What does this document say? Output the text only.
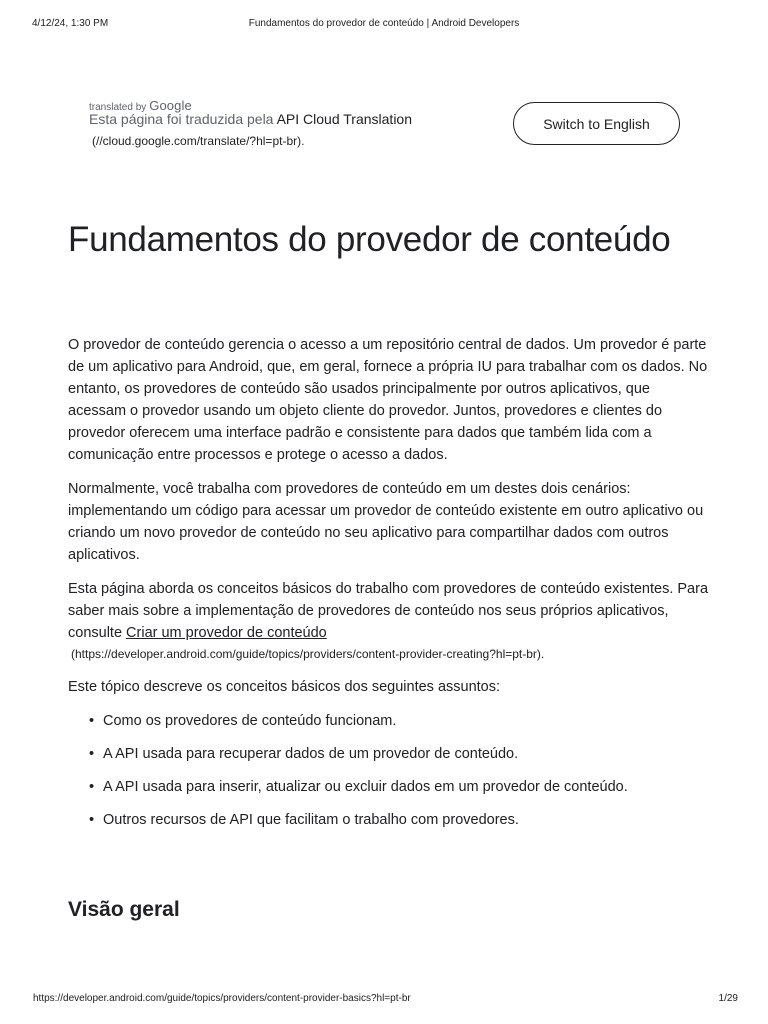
4/12/24, 1:30 PM	Fundamentos do provedor de conteúdo | Android Developers
translated by Google
Esta página foi traduzida pela API Cloud Translation
(//cloud.google.com/translate/?hl=pt-br).
Switch to English
Fundamentos do provedor de conteúdo

O provedor de conteúdo gerencia o acesso a um repositório central de dados. Um provedor é parte de um aplicativo para Android, que, em geral, fornece a própria IU para trabalhar com os dados. No entanto, os provedores de conteúdo são usados principalmente por outros aplicativos, que acessam o provedor usando um objeto cliente do provedor. Juntos, provedores e clientes do provedor oferecem uma interface padrão e consistente para dados que também lida com a comunicação entre processos e protege o acesso a dados.

Normalmente, você trabalha com provedores de conteúdo em um destes dois cenários: implementando um código para acessar um provedor de conteúdo existente em outro aplicativo ou criando um novo provedor de conteúdo no seu aplicativo para compartilhar dados com outros aplicativos.

Esta página aborda os conceitos básicos do trabalho com provedores de conteúdo existentes. Para saber mais sobre a implementação de provedores de conteúdo nos seus próprios aplicativos, consulte Criar um provedor de conteúdo
(https://developer.android.com/guide/topics/providers/content-provider-creating?hl=pt-br).

Este tópico descreve os conceitos básicos dos seguintes assuntos:

• Como os provedores de conteúdo funcionam.
• A API usada para recuperar dados de um provedor de conteúdo.
• A API usada para inserir, atualizar ou excluir dados em um provedor de conteúdo.
• Outros recursos de API que facilitam o trabalho com provedores.
Visão geral
https://developer.android.com/guide/topics/providers/content-provider-basics?hl=pt-br	1/29
